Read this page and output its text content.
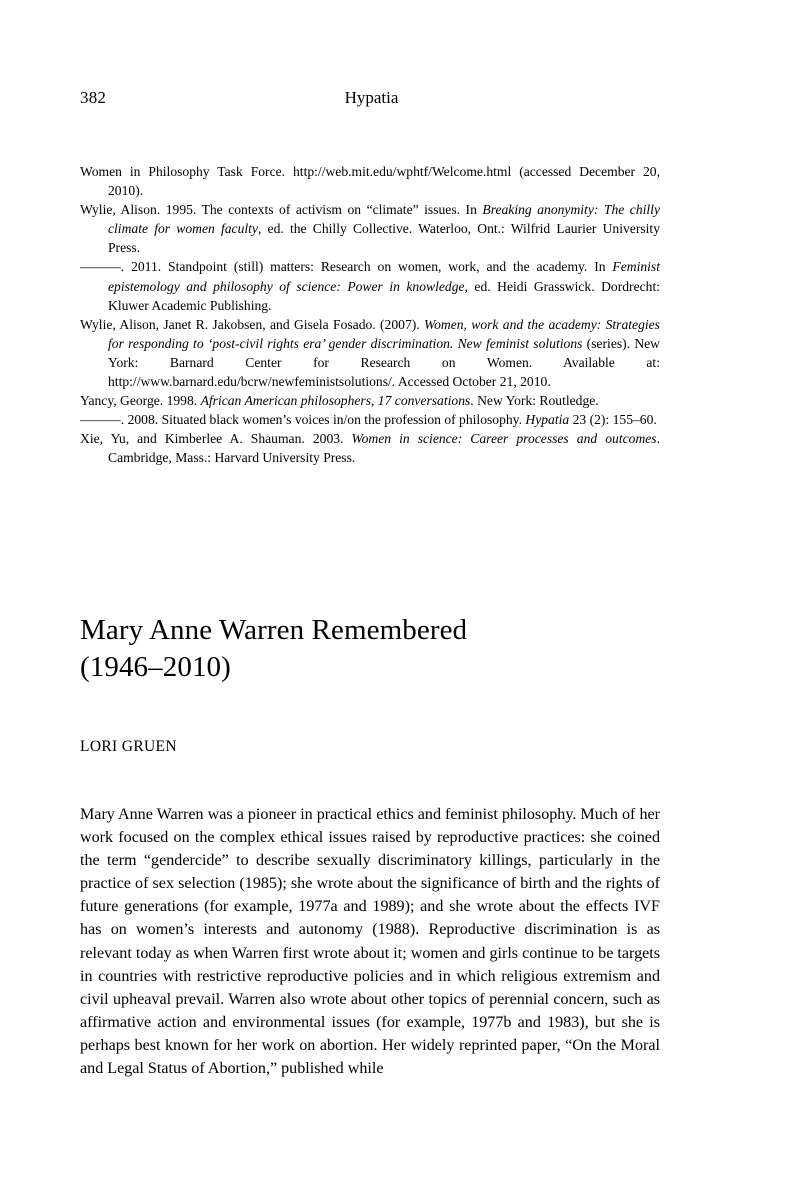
382	Hypatia

Women in Philosophy Task Force. http://web.mit.edu/wphtf/Welcome.html (accessed December 20, 2010).

Wylie, Alison. 1995. The contexts of activism on “climate” issues. In Breaking anonymity: The chilly climate for women faculty, ed. the Chilly Collective. Waterloo, Ont.: Wilfrid Laurier University Press.

———. 2011. Standpoint (still) matters: Research on women, work, and the academy. In Feminist epistemology and philosophy of science: Power in knowledge, ed. Heidi Grasswick. Dordrecht: Kluwer Academic Publishing.

Wylie, Alison, Janet R. Jakobsen, and Gisela Fosado. (2007). Women, work and the academy: Strategies for responding to ‘post-civil rights era’ gender discrimination. New feminist solutions (series). New York: Barnard Center for Research on Women. Available at: http://www.barnard.edu/bcrw/newfeministsolutions/. Accessed October 21, 2010.

Yancy, George. 1998. African American philosophers, 17 conversations. New York: Routledge.

———. 2008. Situated black women’s voices in/on the profession of philosophy. Hypatia 23 (2): 155–60.

Xie, Yu, and Kimberlee A. Shauman. 2003. Women in science: Career processes and outcomes. Cambridge, Mass.: Harvard University Press.

Mary Anne Warren Remembered
(1946–2010)
LORI GRUEN

Mary Anne Warren was a pioneer in practical ethics and feminist philosophy. Much of her work focused on the complex ethical issues raised by reproductive practices: she coined the term “gendercide” to describe sexually discriminatory killings, particularly in the practice of sex selection (1985); she wrote about the significance of birth and the rights of future generations (for example, 1977a and 1989); and she wrote about the effects IVF has on women’s interests and autonomy (1988). Reproductive discrimination is as relevant today as when Warren first wrote about it; women and girls continue to be targets in countries with restrictive reproductive policies and in which religious extremism and civil upheaval prevail. Warren also wrote about other topics of perennial concern, such as affirmative action and environmental issues (for example, 1977b and 1983), but she is perhaps best known for her work on abortion. Her widely reprinted paper, “On the Moral and Legal Status of Abortion,” published while
